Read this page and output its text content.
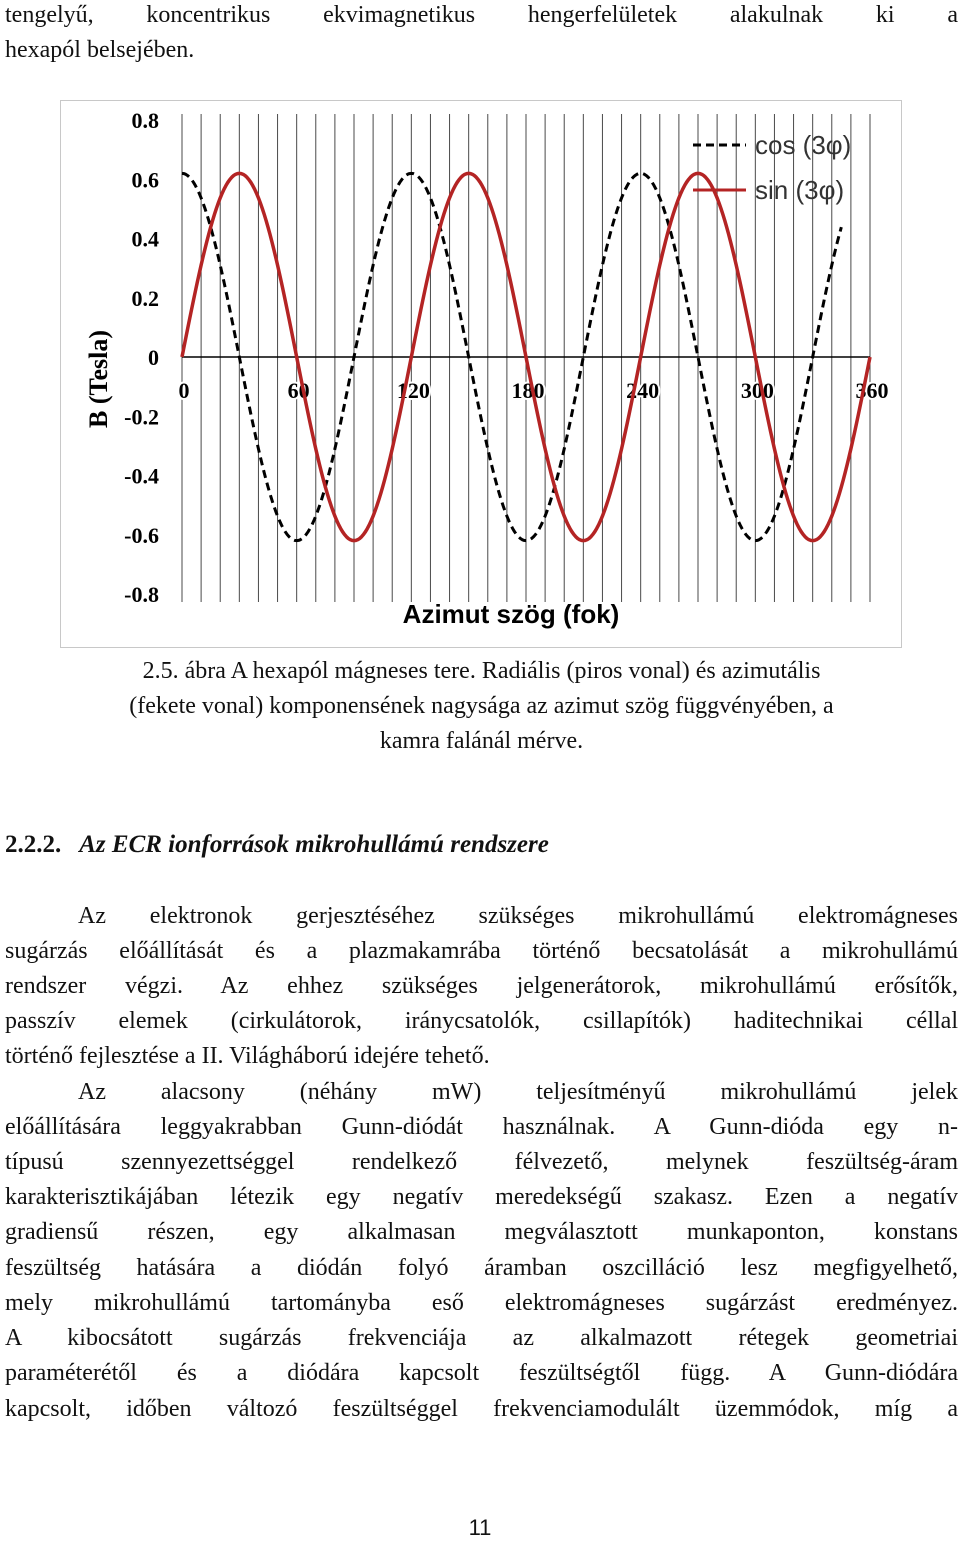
tengelyű, koncentrikus ekvimagnetikus hengerfelületek alakulnak ki a
hexapól belsejében.
0.8
0.6
0.4
0.2
0
-0.2
-0.4
-0.6
-0.8
0	60	120	180	240	300	360
cos (3φ)
sin (3φ)
Azimut szög (fok)
B (Tesla)
2.5. ábra A hexapól mágneses tere. Radiális (piros vonal) és azimutális
(fekete vonal) komponensének nagysága az azimut szög függvényében, a
kamra falánál mérve.
2.2.2. Az ECR ionforrások mikrohullámú rendszere
Az elektronok gerjesztéséhez szükséges mikrohullámú elektromágneses
sugárzás előállítását és a plazmakamrába történő becsatolását a mikrohullámú
rendszer végzi. Az ehhez szükséges jelgenerátorok, mikrohullámú erősítők,
passzív elemek (cirkulátorok, iránycsatolók, csillapítók) haditechnikai céllal
történő fejlesztése a II. Világháború idejére tehető.
Az alacsony (néhány mW) teljesítményű mikrohullámú jelek
előállítására leggyakrabban Gunn-diódát használnak. A Gunn-dióda egy n-
típusú szennyezettséggel rendelkező félvezető, melynek feszültség-áram
karakterisztikájában létezik egy negatív meredekségű szakasz. Ezen a negatív
gradiensű részen, egy alkalmasan megválasztott munkaponton, konstans
feszültség hatására a diódán folyó áramban oszcilláció lesz megfigyelhető,
mely mikrohullámú tartományba eső elektromágneses sugárzást eredményez.
A kibocsátott sugárzás frekvenciája az alkalmazott rétegek geometriai
paraméterétől és a diódára kapcsolt feszültségtől függ. A Gunn-diódára
kapcsolt, időben változó feszültséggel frekvenciamodulált üzemmódok, míg a
11
